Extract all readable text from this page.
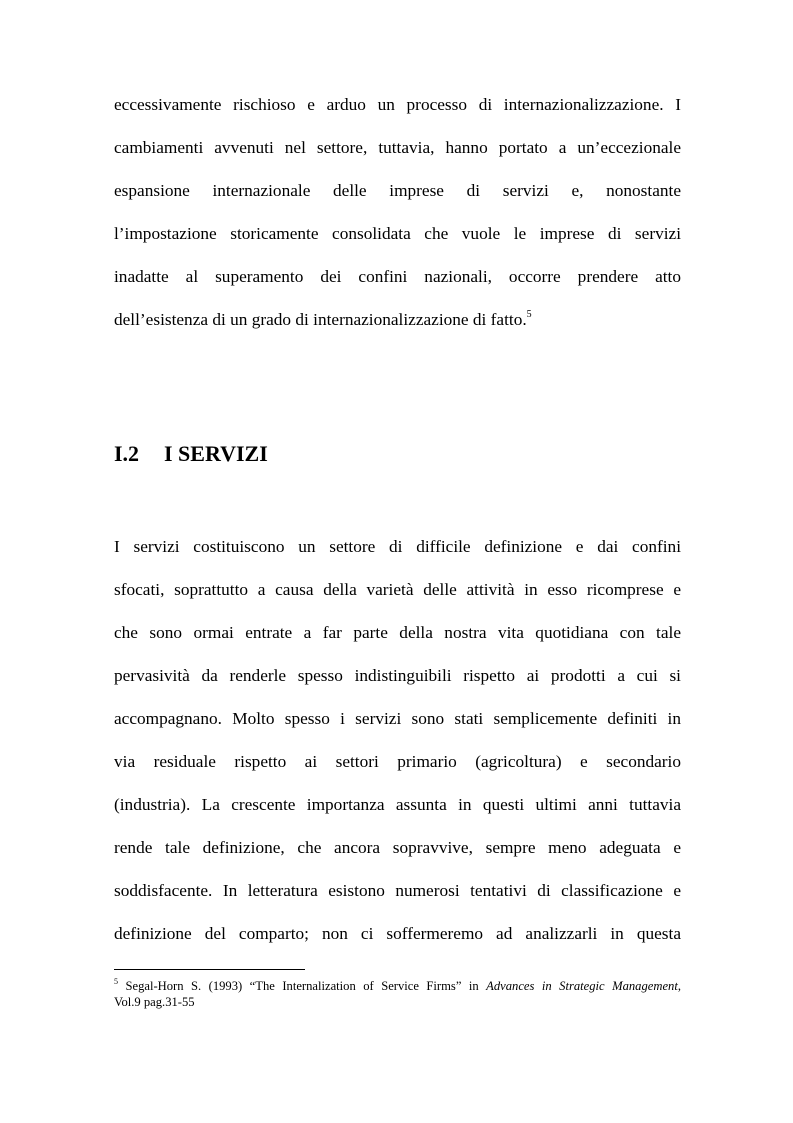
eccessivamente rischioso e arduo un processo di internazionalizzazione. I
cambiamenti avvenuti nel settore, tuttavia, hanno portato a un’eccezionale
espansione internazionale delle imprese di servizi e, nonostante
l’impostazione storicamente consolidata che vuole le imprese di servizi
inadatte al superamento dei confini nazionali, occorre prendere atto
dell’esistenza di un grado di internazionalizzazione di fatto.$^5$
I.2 I SERVIZI
I servizi costituiscono un settore di difficile definizione e dai confini
sfocati, soprattutto a causa della varietà delle attività in esso ricomprese e
che sono ormai entrate a far parte della nostra vita quotidiana con tale
pervasività da renderle spesso indistinguibili rispetto ai prodotti a cui si
accompagnano. Molto spesso i servizi sono stati semplicemente definiti in
via residuale rispetto ai settori primario (agricoltura) e secondario
(industria). La crescente importanza assunta in questi ultimi anni tuttavia
rende tale definizione, che ancora sopravvive, sempre meno adeguata e
soddisfacente. In letteratura esistono numerosi tentativi di classificazione e
definizione del comparto; non ci soffermeremo ad analizzarli in questa
$^5$ Segal-Horn S. (1993) “The Internalization of Service Firms” in Advances in Strategic Management,
Vol.9 pag.31-55
